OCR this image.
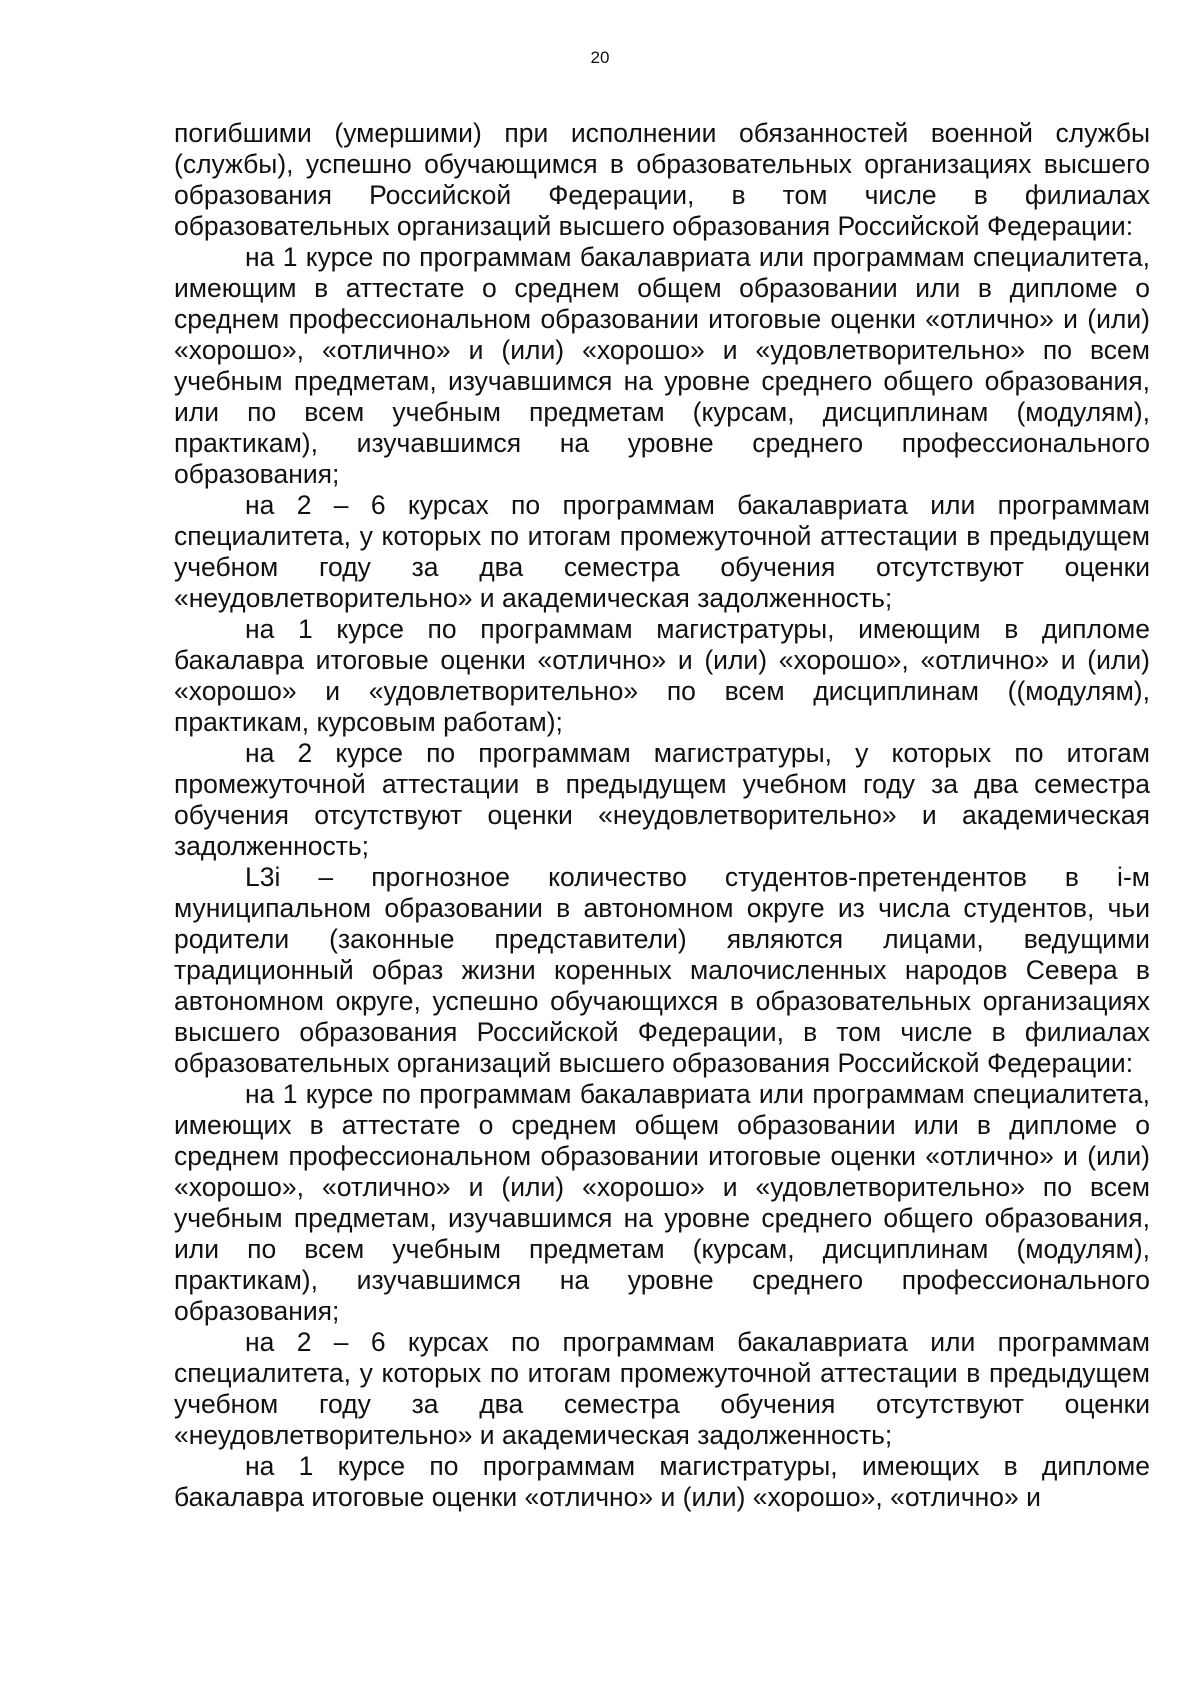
20

погибшими (умершими) при исполнении обязанностей военной службы (службы), успешно обучающимся в образовательных организациях высшего образования Российской Федерации, в том числе в филиалах образовательных организаций высшего образования Российской Федерации:

на 1 курсе по программам бакалавриата или программам специалитета, имеющим в аттестате о среднем общем образовании или в дипломе о среднем профессиональном образовании итоговые оценки «отлично» и (или) «хорошо», «отлично» и (или) «хорошо» и «удовлетворительно» по всем учебным предметам, изучавшимся на уровне среднего общего образования, или по всем учебным предметам (курсам, дисциплинам (модулям), практикам), изучавшимся на уровне среднего профессионального образования;

на 2 – 6 курсах по программам бакалавриата или программам специалитета, у которых по итогам промежуточной аттестации в предыдущем учебном году за два семестра обучения отсутствуют оценки «неудовлетворительно» и академическая задолженность;

на 1 курсе по программам магистратуры, имеющим в дипломе бакалавра итоговые оценки «отлично» и (или) «хорошо», «отлично» и (или) «хорошо» и «удовлетворительно» по всем дисциплинам ((модулям), практикам, курсовым работам);

на 2 курсе по программам магистратуры, у которых по итогам промежуточной аттестации в предыдущем учебном году за два семестра обучения отсутствуют оценки «неудовлетворительно» и академическая задолженность;

L3i – прогнозное количество студентов-претендентов в i-м муниципальном образовании в автономном округе из числа студентов, чьи родители (законные представители) являются лицами, ведущими традиционный образ жизни коренных малочисленных народов Севера в автономном округе, успешно обучающихся в образовательных организациях высшего образования Российской Федерации, в том числе в филиалах образовательных организаций высшего образования Российской Федерации:

на 1 курсе по программам бакалавриата или программам специалитета, имеющих в аттестате о среднем общем образовании или в дипломе о среднем профессиональном образовании итоговые оценки «отлично» и (или) «хорошо», «отлично» и (или) «хорошо» и «удовлетворительно» по всем учебным предметам, изучавшимся на уровне среднего общего образования, или по всем учебным предметам (курсам, дисциплинам (модулям), практикам), изучавшимся на уровне среднего профессионального образования;

на 2 – 6 курсах по программам бакалавриата или программам специалитета, у которых по итогам промежуточной аттестации в предыдущем учебном году за два семестра обучения отсутствуют оценки «неудовлетворительно» и академическая задолженность;

на 1 курсе по программам магистратуры, имеющих в дипломе бакалавра итоговые оценки «отлично» и (или) «хорошо», «отлично» и
